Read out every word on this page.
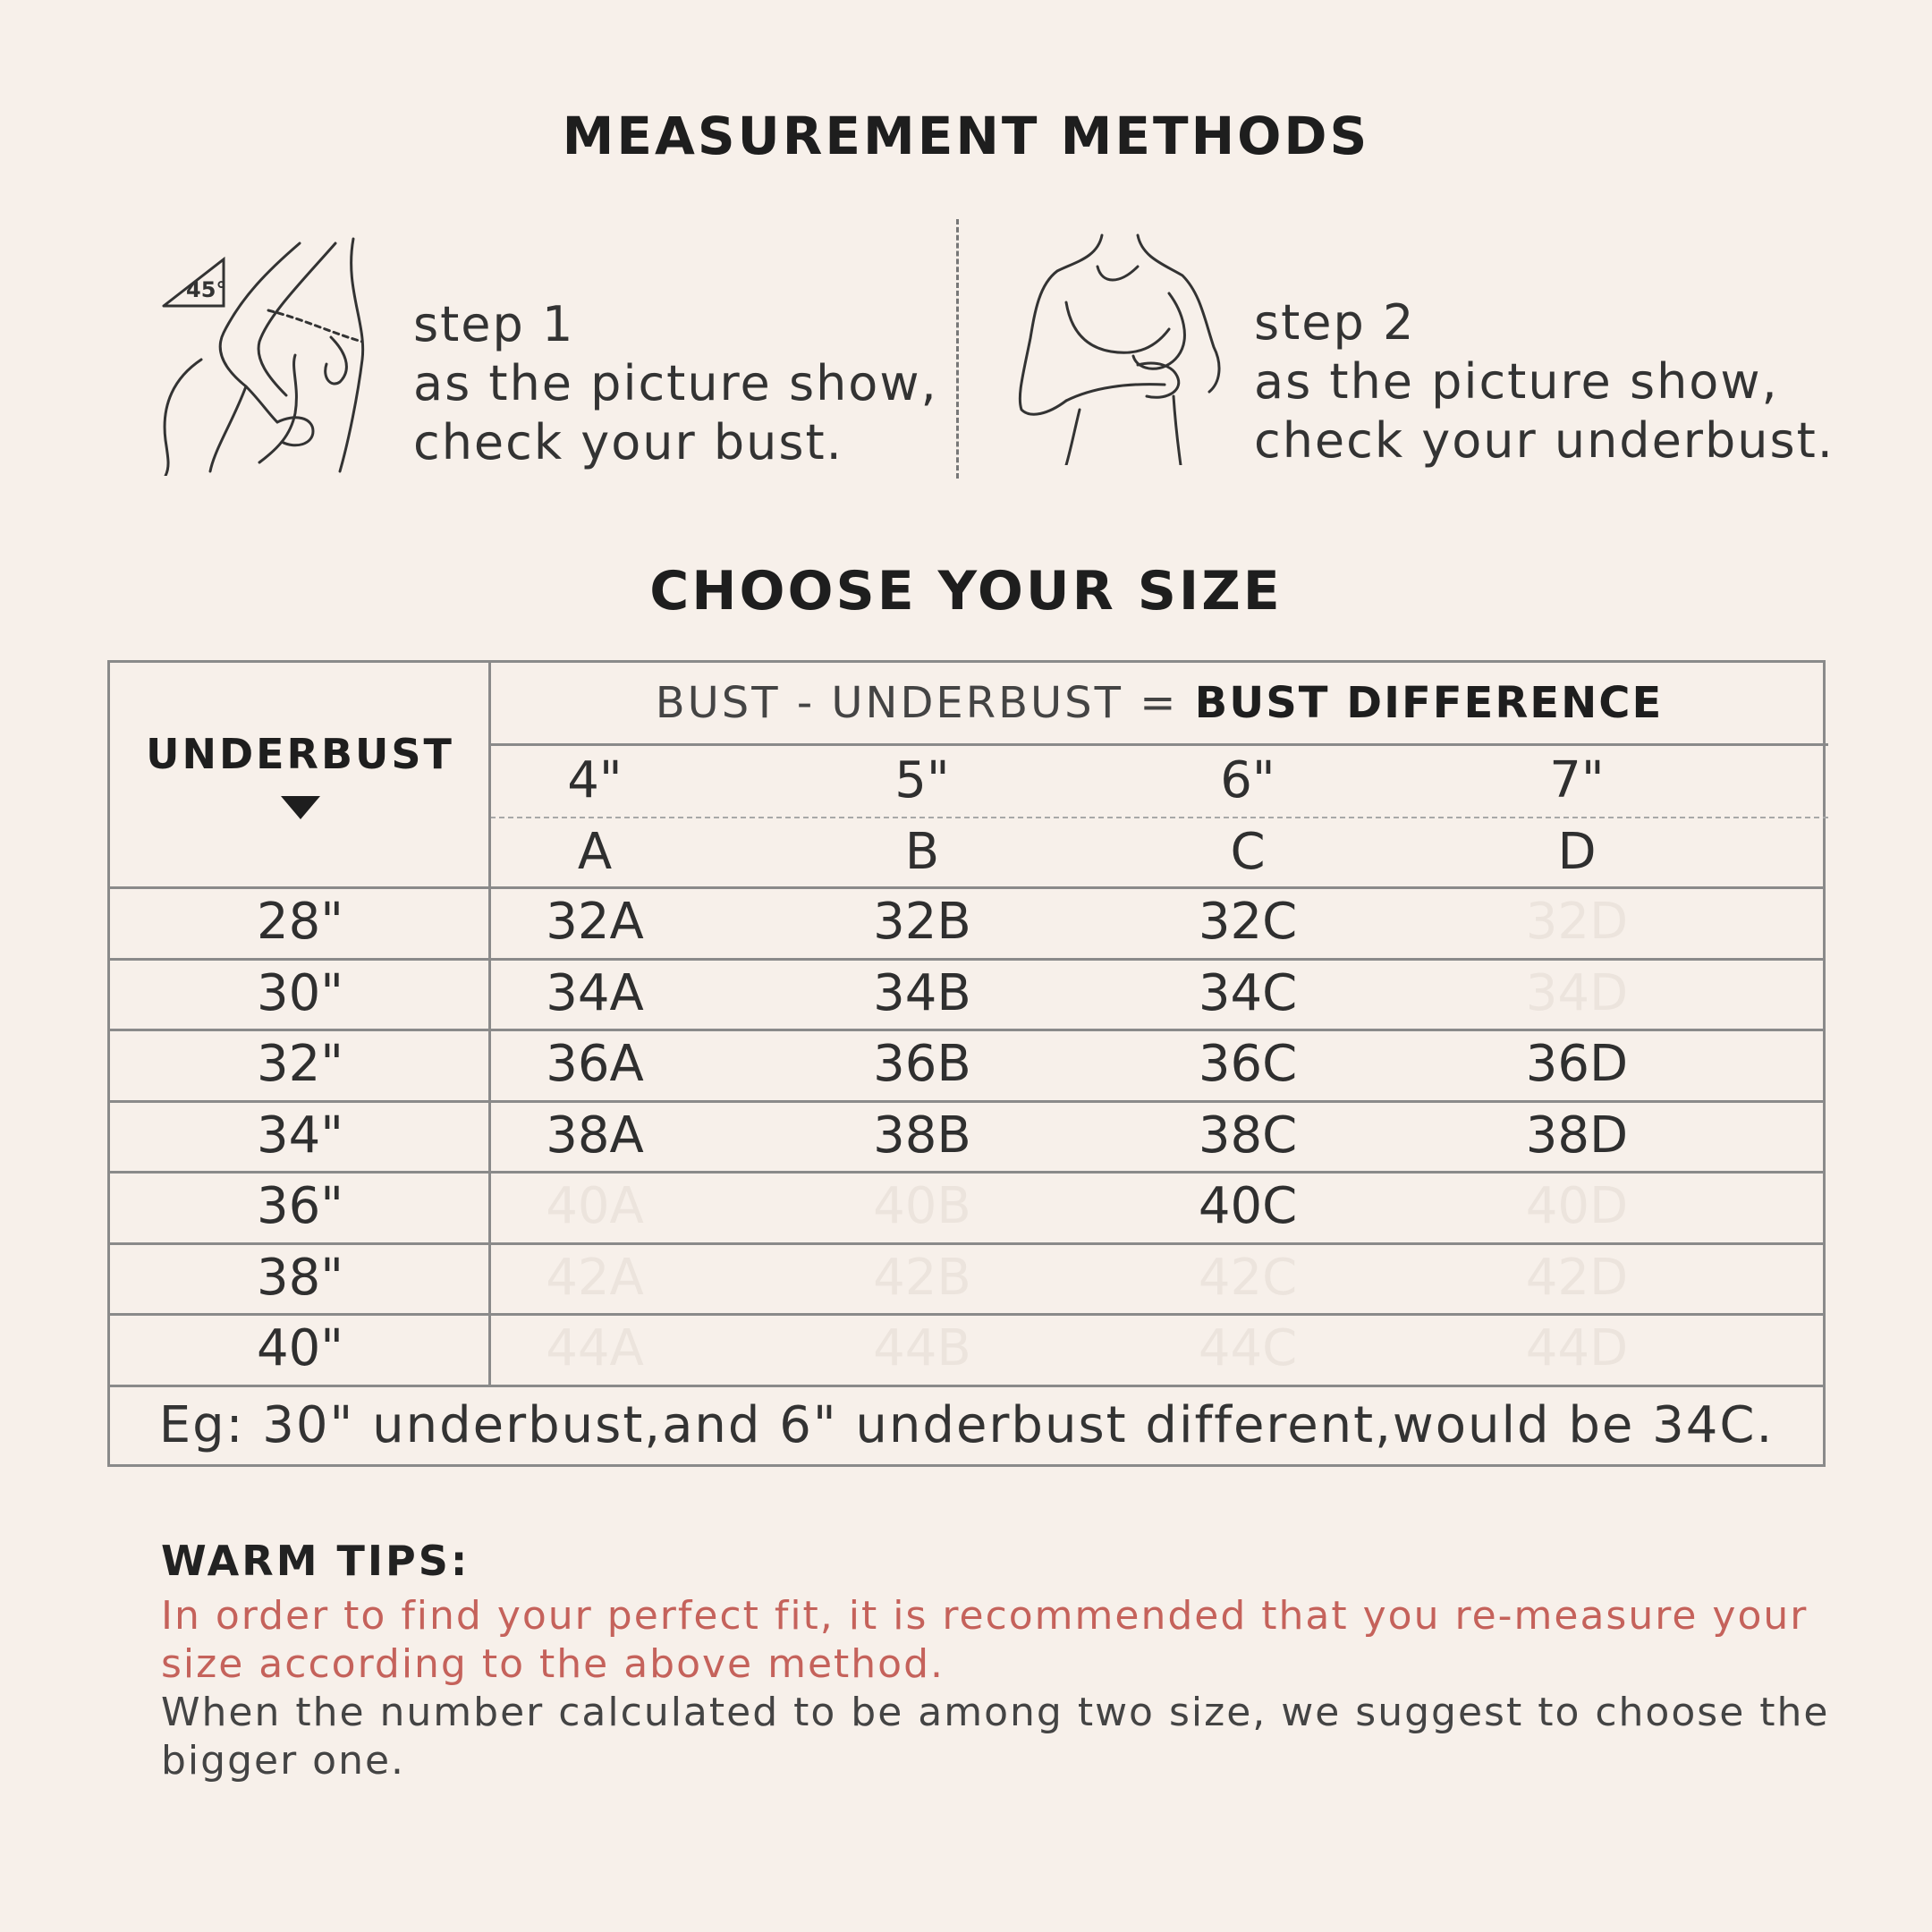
MEASUREMENT METHODS
45°
step 1
as the picture show,
check your bust.
step 2
as the picture show,
check your underbust.
CHOOSE YOUR SIZE
UNDERBUST
BUST - UNDERBUST = BUST DIFFERENCE
4"	5"	6"	7"
A	B	C	D
28"	32A	32B	32C	32D
30"	34A	34B	34C	34D
32"	36A	36B	36C	36D
34"	38A	38B	38C	38D
36"	40A	40B	40C	40D
38"	42A	42B	42C	42D
40"	44A	44B	44C	44D
Eg: 30" underbust,and 6" underbust different,would be 34C.
WARM TIPS:
In order to find your perfect fit, it is recommended that you re-measure your size according to the above method.
When the number calculated to be among two size, we suggest to choose the bigger one.
